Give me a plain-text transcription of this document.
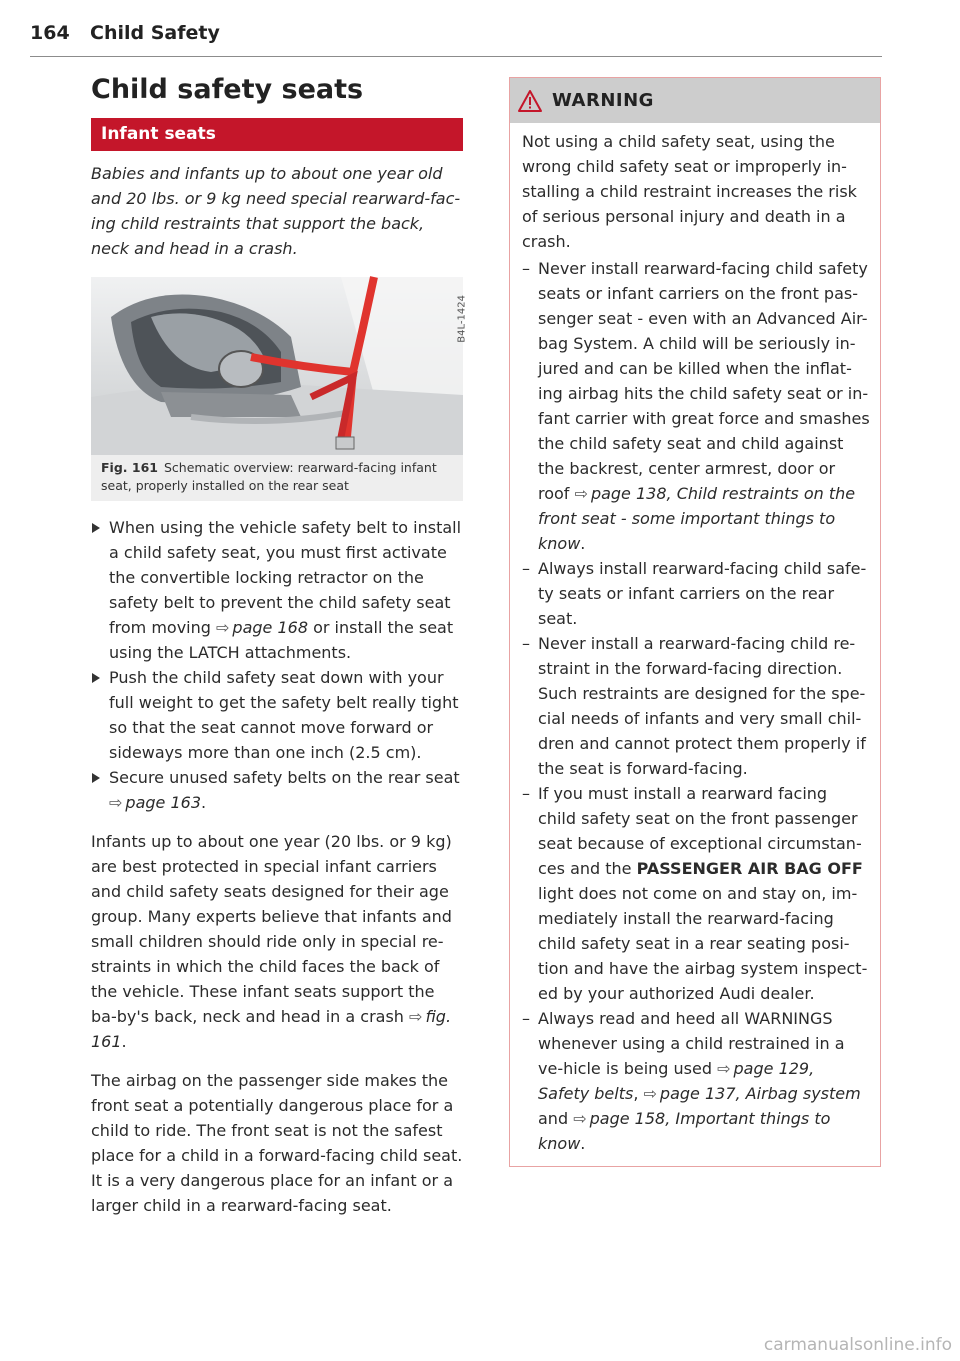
164 Child Safety
Child safety seats
Infant seats

Babies and infants up to about one year old and 20 lbs. or 9 kg need special rearward-fac-ing child restraints that support the back, neck and head in a crash.

B4L-1424
Fig. 161 Schematic overview: rearward-facing infant seat, properly installed on the rear seat
When using the vehicle safety belt to install a child safety seat, you must first activate the convertible locking retractor on the safety belt to prevent the child safety seat from moving ⇨ page 168 or install the seat using the LATCH attachments.
Push the child safety seat down with your full weight to get the safety belt really tight so that the seat cannot move forward or sideways more than one inch (2.5 cm).
Secure unused safety belts on the rear seat
⇨ page 163.

Infants up to about one year (20 lbs. or 9 kg) are best protected in special infant carriers and child safety seats designed for their age group. Many experts believe that infants and small children should ride only in special re-straints in which the child faces the back of the vehicle. These infant seats support the ba-by's back, neck and head in a crash ⇨ fig. 161.

The airbag on the passenger side makes the front seat a potentially dangerous place for a child to ride. The front seat is not the safest place for a child in a forward-facing child seat. It is a very dangerous place for an infant or a larger child in a rearward-facing seat.

WARNING

Not using a child safety seat, using the wrong child safety seat or improperly in-stalling a child restraint increases the risk of serious personal injury and death in a crash.

– Never install rearward-facing child safety seats or infant carriers on the front pas-senger seat - even with an Advanced Air-bag System. A child will be seriously in-jured and can be killed when the inflat-ing airbag hits the child safety seat or in-fant carrier with great force and smashes the child safety seat and child against the backrest, center armrest, door or roof ⇨ page 138, Child restraints on the front seat - some important things to know.
– Always install rearward-facing child safe-ty seats or infant carriers on the rear seat.
– Never install a rearward-facing child re-straint in the forward-facing direction. Such restraints are designed for the spe-cial needs of infants and very small chil-dren and cannot protect them properly if the seat is forward-facing.
– If you must install a rearward facing child safety seat on the front passenger seat because of exceptional circumstan-ces and the PASSENGER AIR BAG OFF light does not come on and stay on, im-mediately install the rearward-facing child safety seat in a rear seating posi-tion and have the airbag system inspect-ed by your authorized Audi dealer.
– Always read and heed all WARNINGS whenever using a child restrained in a ve-hicle is being used ⇨ page 129, Safety belts, ⇨ page 137, Airbag system and ⇨ page 158, Important things to know.
carmanualsonline.info
